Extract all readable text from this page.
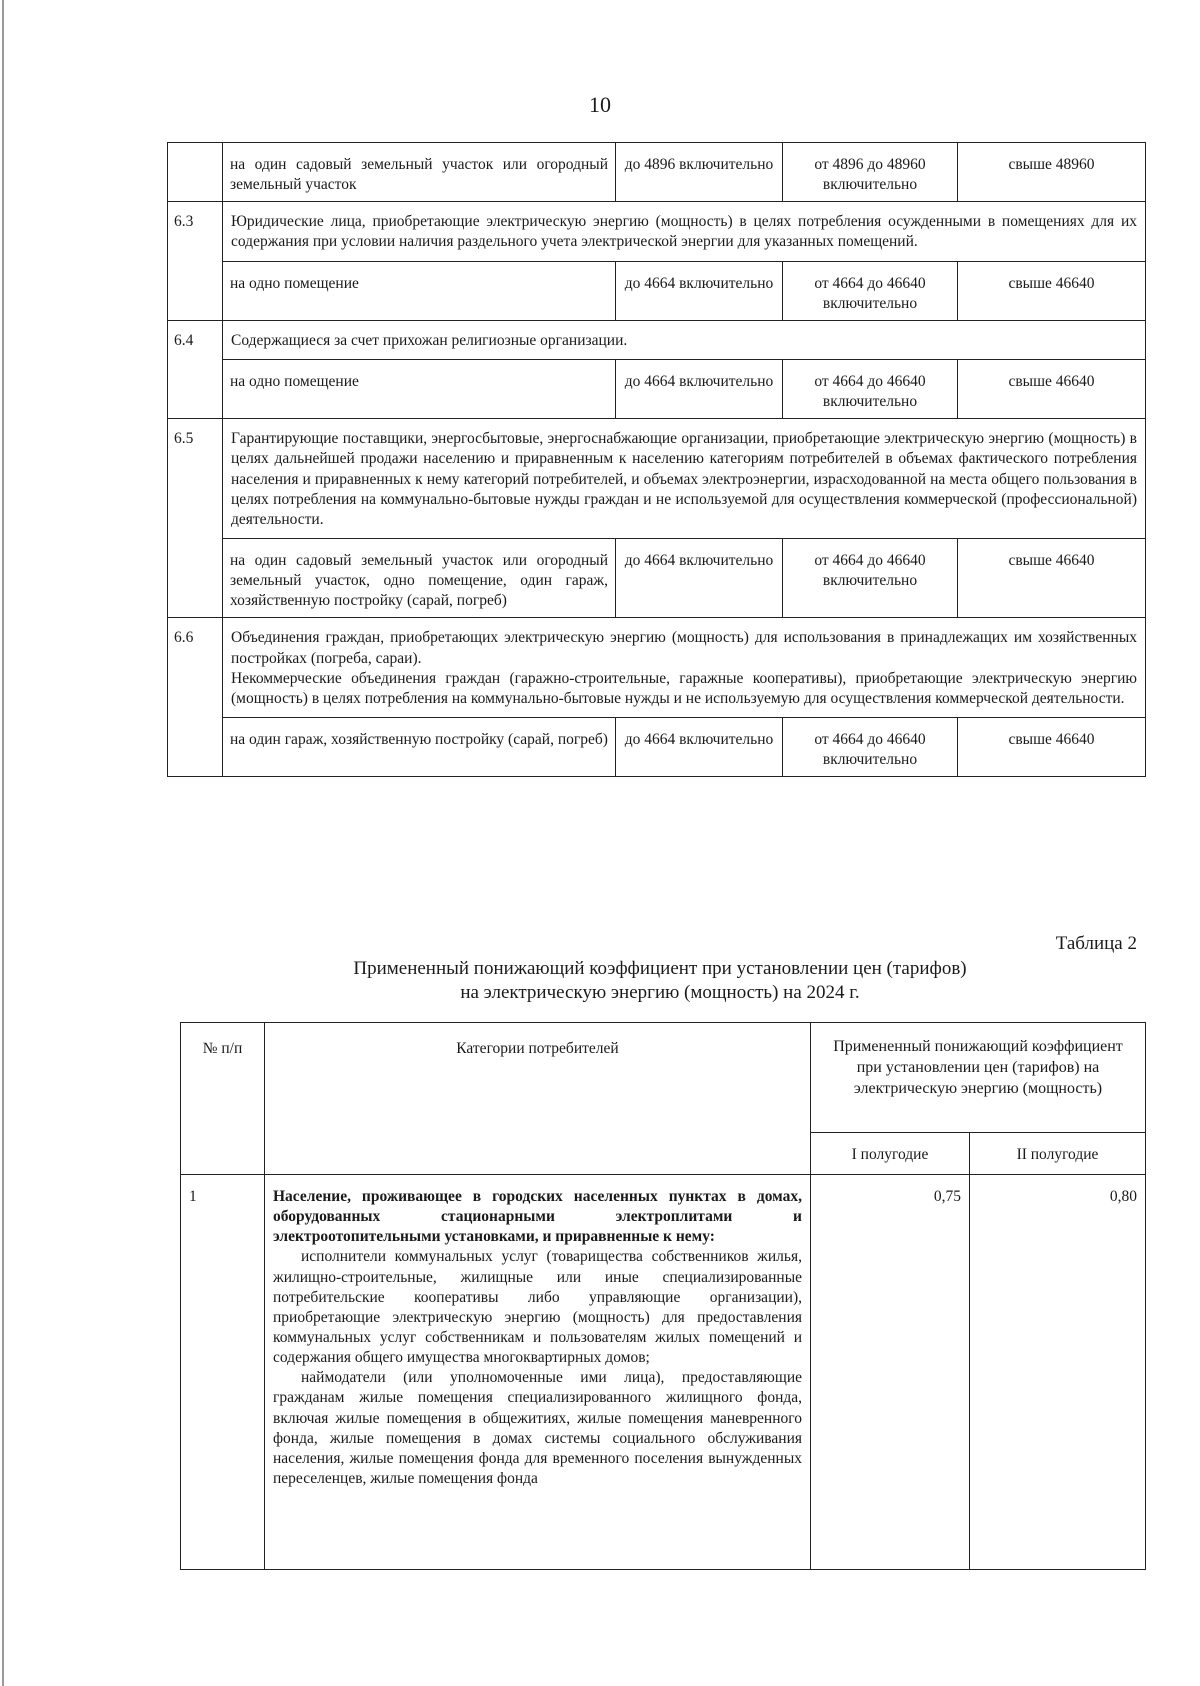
10
	на один садовый земельный участок или огородный земельный участок	до 4896 включительно	от 4896 до 48960 включительно	свыше 48960
6.3	Юридические лица, приобретающие электрическую энергию (мощность) в целях потребления осужденными в помещениях для их содержания при условии наличия раздельного учета электрической энергии для указанных помещений.			

	на одно помещение	до 4664 включительно	от 4664 до 46640 включительно	свыше 46640
6.4	Содержащиеся за счет прихожан религиозные организации.			

	на одно помещение	до 4664 включительно	от 4664 до 46640 включительно	свыше 46640
6.5	Гарантирующие поставщики, энергосбытовые, энергоснабжающие организации, приобретающие электрическую энергию (мощность) в целях дальнейшей продажи населению и приравненным к населению категориям потребителей в объемах фактического потребления населения и приравненных к нему категорий потребителей, и объемах электроэнергии, израсходованной на места общего пользования в целях потребления на коммунально-бытовые нужды граждан и не используемой для осуществления коммерческой (профессиональной) деятельности.			

	на один садовый земельный участок или огородный земельный участок, одно помещение, один гараж, хозяйственную постройку (сарай, погреб)	до 4664 включительно	от 4664 до 46640 включительно	свыше 46640
6.6	Объединения граждан, приобретающих электрическую энергию (мощность) для использования в принадлежащих им хозяйственных постройках (погреба, сараи).
Некоммерческие объединения граждан (гаражно-строительные, гаражные кооперативы), приобретающие электрическую энергию (мощность) в целях потребления на коммунально-бытовые нужды и не используемую для осуществления коммерческой деятельности.			

	на один гараж, хозяйственную постройку (сарай, погреб)	до 4664 включительно	от 4664 до 46640 включительно	свыше 46640
Таблица 2
Примененный понижающий коэффициент при установлении цен (тарифов)
на электрическую энергию (мощность) на 2024 г.
№ п/п	Категории потребителей	Примененный понижающий коэффициент при установлении цен (тарифов) на электрическую энергию (мощность)	
		I полугодие	II полугодие
1	Население, проживающее в городских населенных пунктах в домах, оборудованных стационарными электроплитами и электроотопительными установками, и приравненные к нему:

исполнители коммунальных услуг (товарищества собственников жилья, жилищно-строительные, жилищные или иные специализированные потребительские кооперативы либо управляющие организации), приобретающие электрическую энергию (мощность) для предоставления коммунальных услуг собственникам и пользователям жилых помещений и содержания общего имущества многоквартирных домов;

наймодатели (или уполномоченные ими лица), предоставляющие гражданам жилые помещения специализированного жилищного фонда, включая жилые помещения в общежитиях, жилые помещения маневренного фонда, жилые помещения в домах системы социального обслуживания населения, жилые помещения фонда для временного поселения вынужденных переселенцев, жилые помещения фонда	0,75	0,80
